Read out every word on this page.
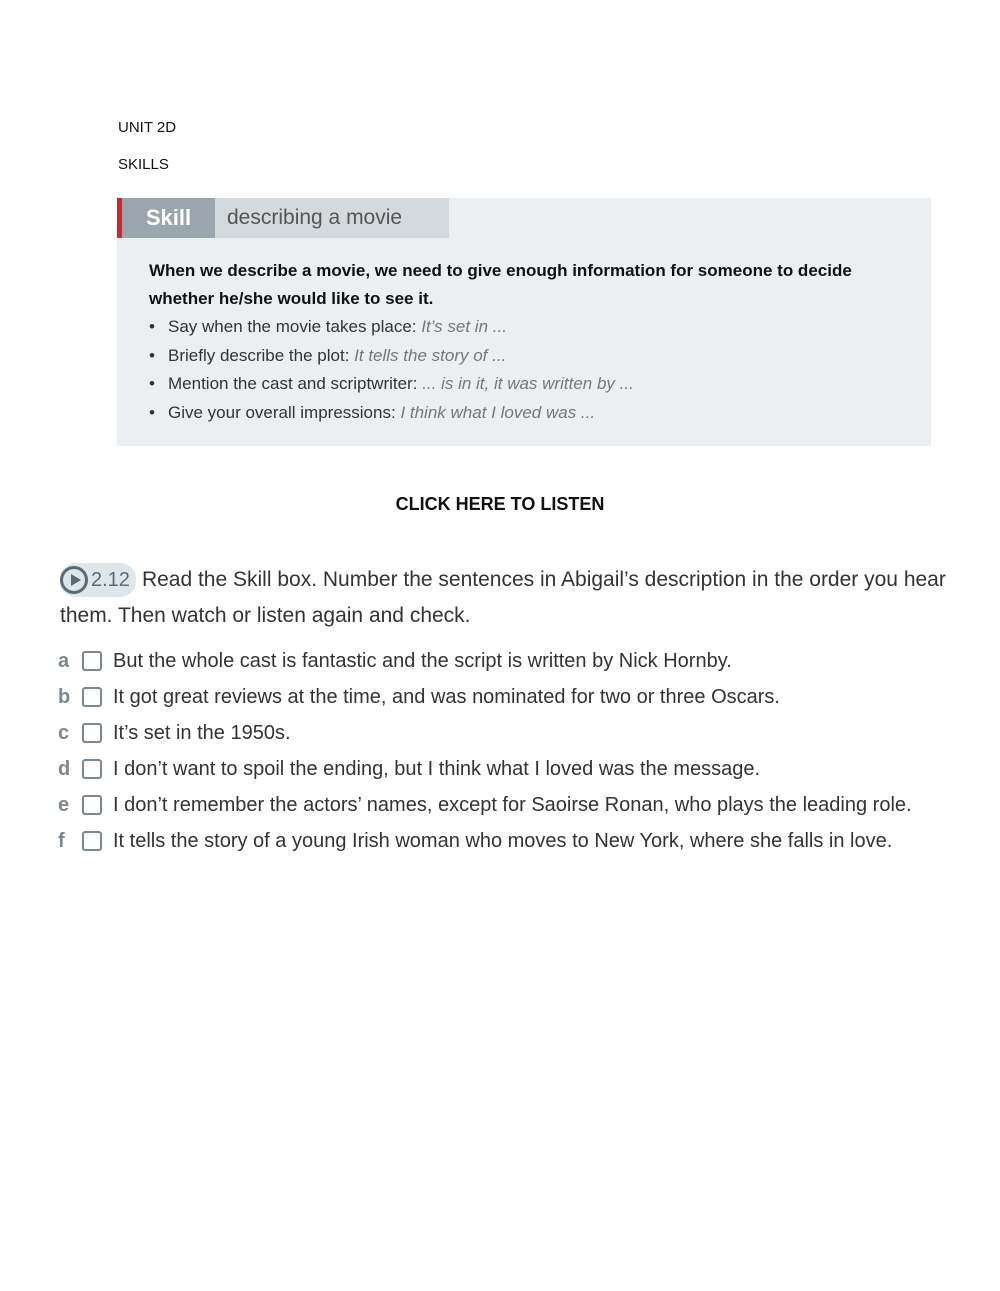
UNIT 2D
SKILLS
Skill	describing a movie

When we describe a movie, we need to give enough information for someone to decide whether he/she would like to see it.

• Say when the movie takes place: It’s set in ...
• Briefly describe the plot: It tells the story of ...
• Mention the cast and scriptwriter: ... is in it, it was written by ...
• Give your overall impressions: I think what I loved was ...
CLICK HERE TO LISTEN

2.12 Read the Skill box. Number the sentences in Abigail’s description in the order you hear them. Then watch or listen again and check.

a	But the whole cast is fantastic and the script is written by Nick Hornby.
b	It got great reviews at the time, and was nominated for two or three Oscars.
c	It’s set in the 1950s.
d	I don’t want to spoil the ending, but I think what I loved was the message.
e	I don’t remember the actors’ names, except for Saoirse Ronan, who plays the leading role.
f	It tells the story of a young Irish woman who moves to New York, where she falls in love.
